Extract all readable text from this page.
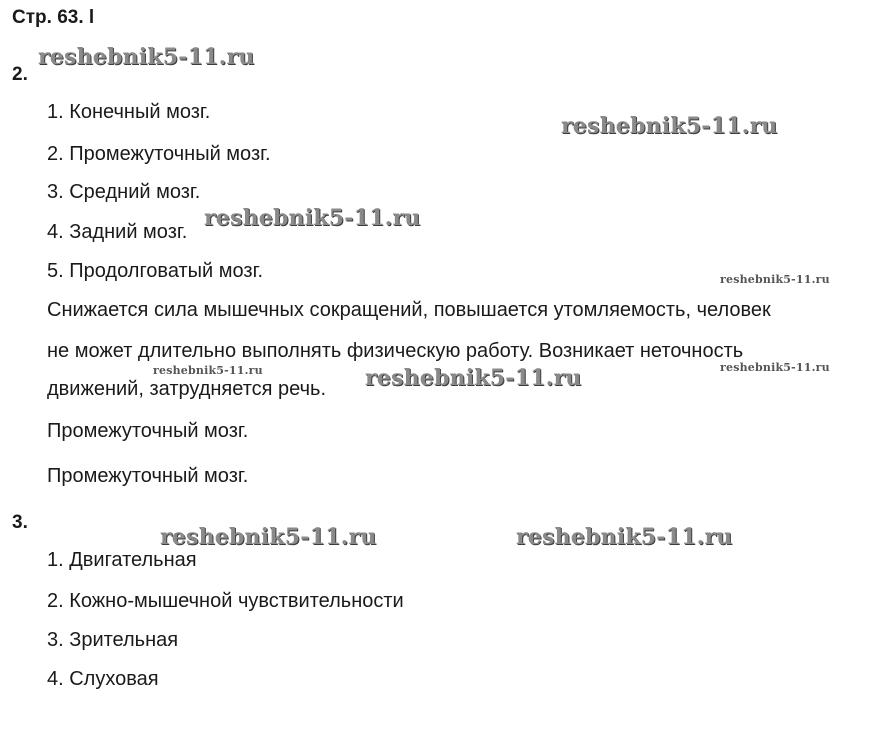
Стр. 63. l
2.
1. Конечный мозг.
2. Промежуточный мозг.
3. Средний мозг.
4. Задний мозг.
5. Продолговатый мозг.
Снижается сила мышечных сокращений, повышается утомляемость, человек
не может длительно выполнять физическую работу. Возникает неточность
движений, затрудняется речь.
Промежуточный мозг.
Промежуточный мозг.
3.
1. Двигательная
2. Кожно-мышечной чувствительности
3. Зрительная
4. Слуховая
reshebnik5-11.ru
reshebnik5-11.ru
reshebnik5-11.ru
reshebnik5-11.ru
reshebnik5-11.ru	reshebnik5-11.ru
reshebnik5-11.ru
reshebnik5-11.ru	reshebnik5-11.ru
